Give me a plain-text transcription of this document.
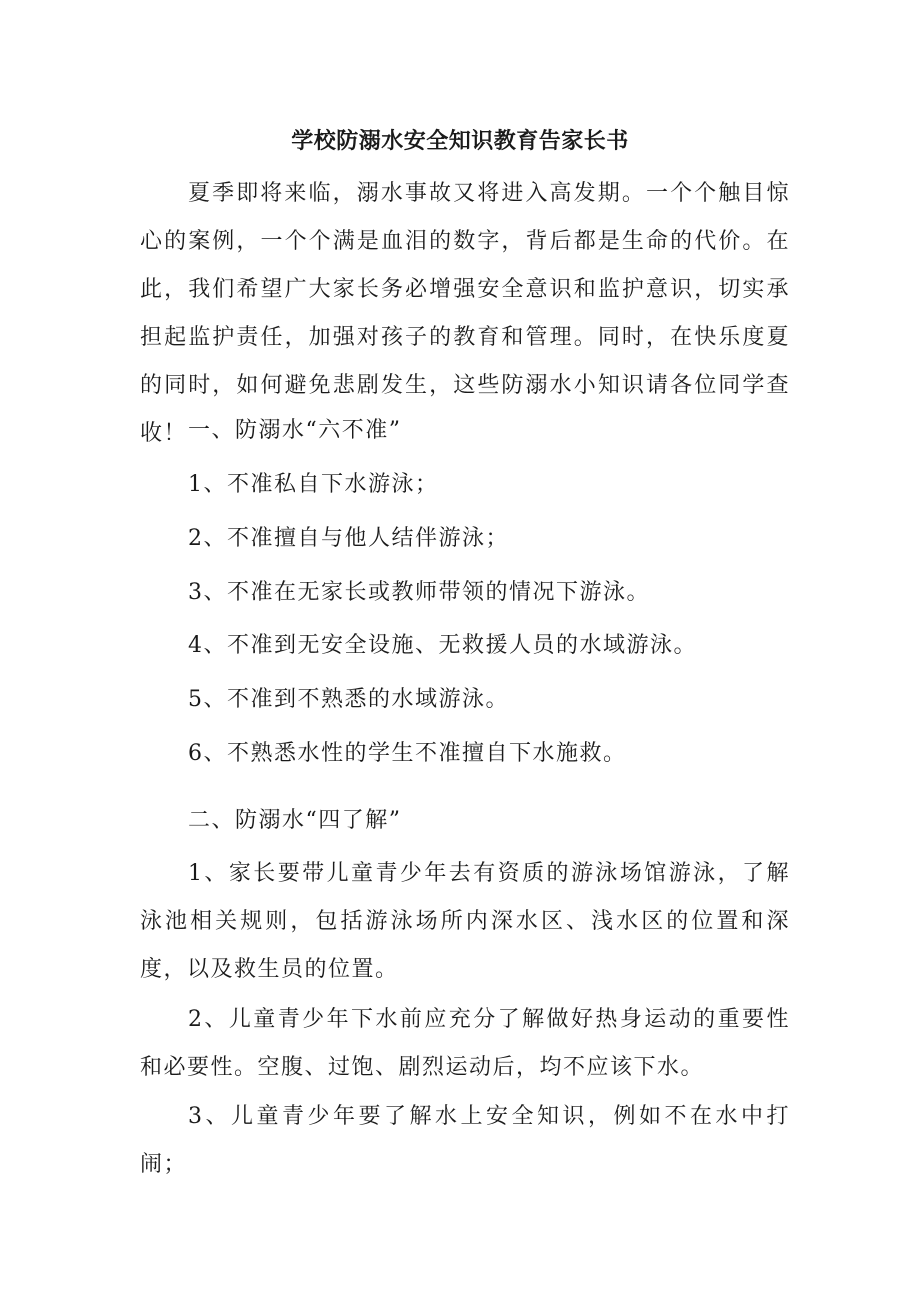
学校防溺水安全知识教育告家长书

夏季即将来临，溺水事故又将进入高发期。一个个触目惊心的案例，一个个满是血泪的数字，背后都是生命的代价。在此，我们希望广大家长务必增强安全意识和监护意识，切实承担起监护责任，加强对孩子的教育和管理。同时，在快乐度夏的同时，如何避免悲剧发生，这些防溺水小知识请各位同学查收！ 一、防溺水“六不准”

1、不准私自下水游泳；

2、不准擅自与他人结伴游泳；

3、不准在无家长或教师带领的情况下游泳。

4、不准到无安全设施、无救援人员的水域游泳。

5、不准到不熟悉的水域游泳。

6、不熟悉水性的学生不准擅自下水施救。

二、防溺水“四了解”

1、家长要带儿童青少年去有资质的游泳场馆游泳，了解泳池相关规则，包括游泳场所内深水区、浅水区的位置和深度，以及救生员的位置。

2、儿童青少年下水前应充分了解做好热身运动的重要性和必要性。空腹、过饱、剧烈运动后，均不应该下水。

3、儿童青少年要了解水上安全知识，例如不在水中打闹；
